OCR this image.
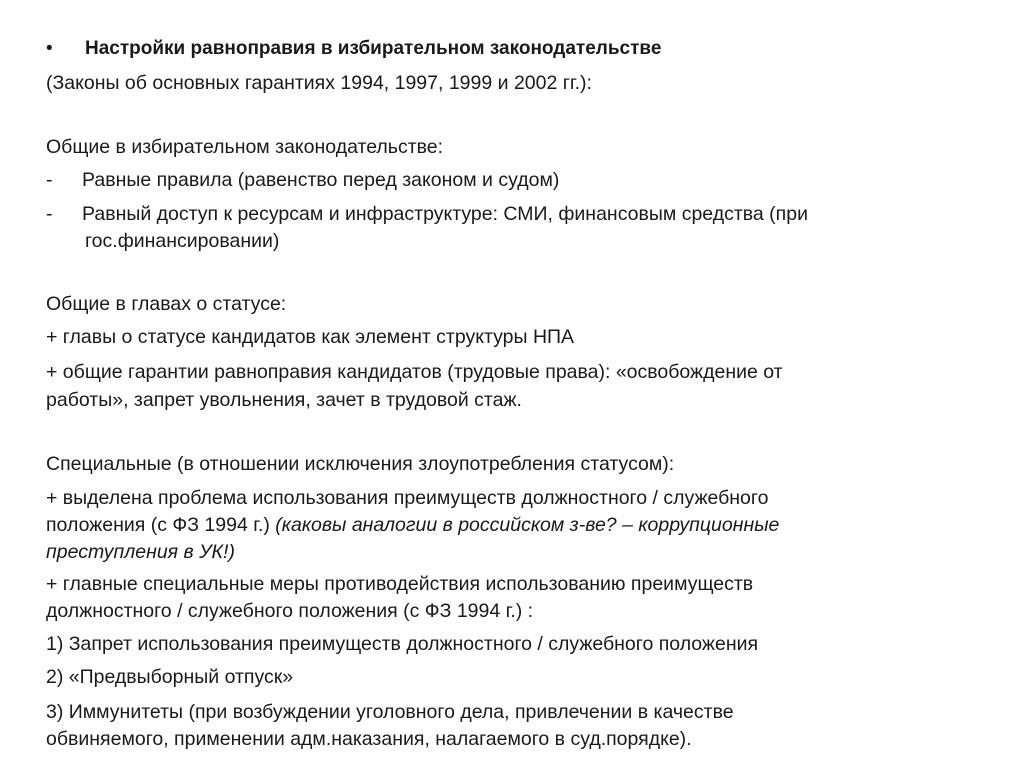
• Настройки равноправия в избирательном законодательстве
(Законы об основных гарантиях 1994, 1997, 1999 и 2002 гг.):
Общие в избирательном законодательстве:
- Равные правила (равенство перед законом и судом)
- Равный доступ к ресурсам и инфраструктуре: СМИ, финансовым средства (при
гос.финансировании)
Общие в главах о статусе:
+ главы о статусе кандидатов как элемент структуры НПА
+ общие гарантии равноправия кандидатов (трудовые права): «освобождение от
работы», запрет увольнения, зачет в трудовой стаж.
Специальные (в отношении исключения злоупотребления статусом):
+ выделена проблема использования преимуществ должностного / служебного
положения (с ФЗ 1994 г.) (каковы аналогии в российском з-ве? – коррупционные
преступления в УК!)
+ главные специальные меры противодействия использованию преимуществ
должностного / служебного положения (с ФЗ 1994 г.) :
1) Запрет использования преимуществ должностного / служебного положения
2) «Предвыборный отпуск»
3) Иммунитеты (при возбуждении уголовного дела, привлечении в качестве
обвиняемого, применении адм.наказания, налагаемого в суд.порядке).
